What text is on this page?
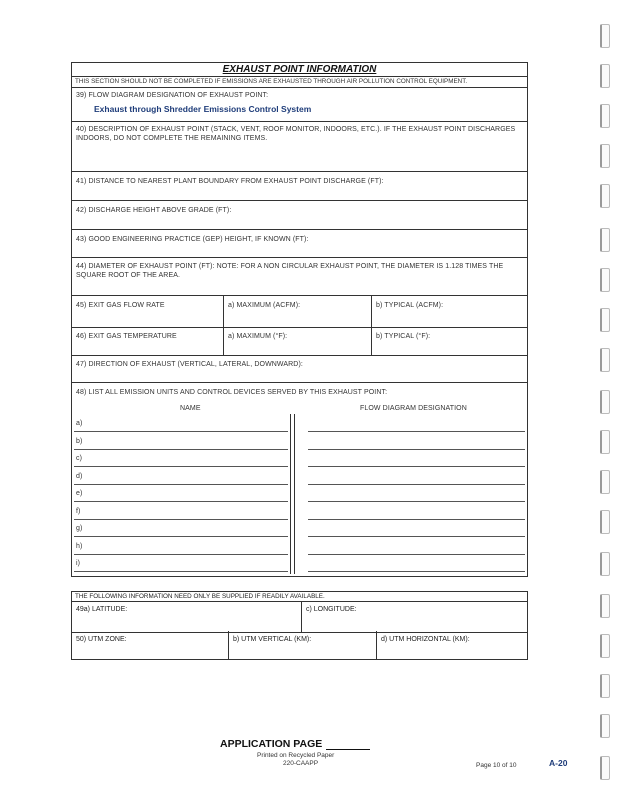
EXHAUST POINT INFORMATION
THIS SECTION SHOULD NOT BE COMPLETED IF EMISSIONS ARE EXHAUSTED THROUGH AIR POLLUTION CONTROL EQUIPMENT.
39) FLOW DIAGRAM DESIGNATION OF EXHAUST POINT:
Exhaust through Shredder Emissions Control System
40) DESCRIPTION OF EXHAUST POINT (STACK, VENT, ROOF MONITOR, INDOORS, ETC.). IF THE EXHAUST POINT DISCHARGES INDOORS, DO NOT COMPLETE THE REMAINING ITEMS.
41) DISTANCE TO NEAREST PLANT BOUNDARY FROM EXHAUST POINT DISCHARGE (FT):
42) DISCHARGE HEIGHT ABOVE GRADE (FT):
43) GOOD ENGINEERING PRACTICE (GEP) HEIGHT, IF KNOWN (FT):
44) DIAMETER OF EXHAUST POINT (FT): NOTE: FOR A NON CIRCULAR EXHAUST POINT, THE DIAMETER IS 1.128 TIMES THE SQUARE ROOT OF THE AREA.
45) EXIT GAS FLOW RATE	a) MAXIMUM (ACFM):	b) TYPICAL (ACFM):
46) EXIT GAS TEMPERATURE	a) MAXIMUM (°F):	b) TYPICAL (°F):
47) DIRECTION OF EXHAUST (VERTICAL, LATERAL, DOWNWARD):
48) LIST ALL EMISSION UNITS AND CONTROL DEVICES SERVED BY THIS EXHAUST POINT:
NAME	FLOW DIAGRAM DESIGNATION
a)
b)
c)
d)
e)
f)
g)
h)
i)
THE FOLLOWING INFORMATION NEED ONLY BE SUPPLIED IF READILY AVAILABLE.
49a) LATITUDE:	c) LONGITUDE:
50) UTM ZONE:	b) UTM VERTICAL (KM):	d) UTM HORIZONTAL (KM):
APPLICATION PAGE
Printed on Recycled Paper
220-CAAPP	Page 10 of 10	A-20
